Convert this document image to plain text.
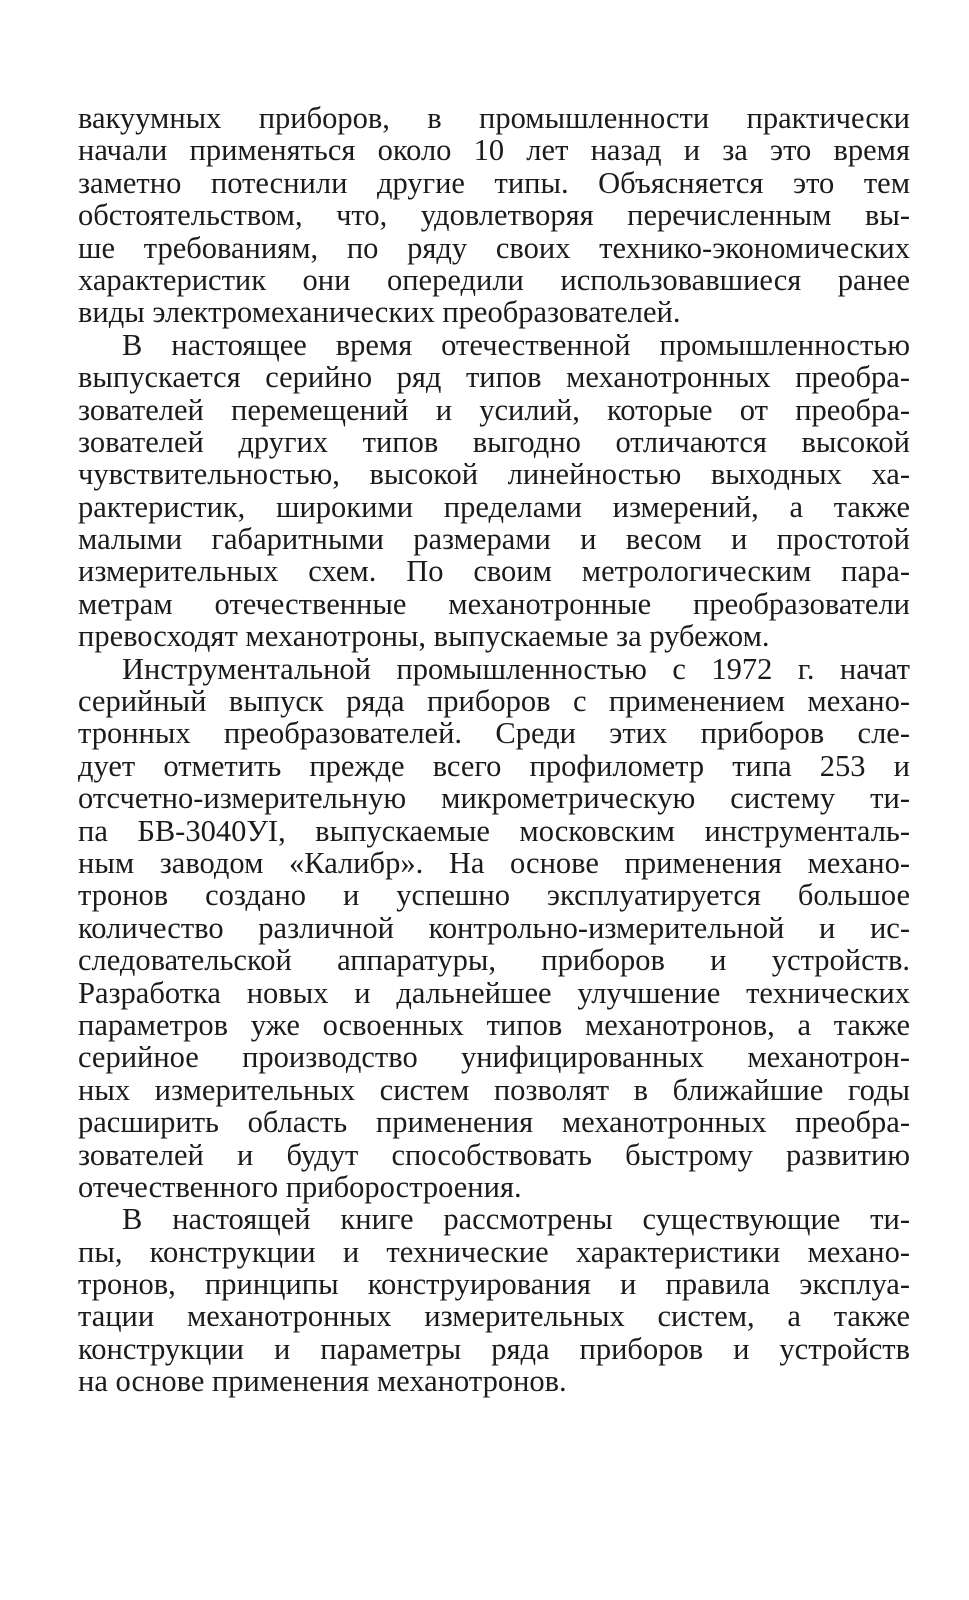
вакуумных приборов, в промышленности практически
начали применяться около 10 лет назад и за это время
заметно потеснили другие типы. Объясняется это тем
обстоятельством, что, удовлетворяя перечисленным вы-
ше требованиям, по ряду своих технико-экономических
характеристик они опередили использовавшиеся ранее
виды электромеханических преобразователей.
В настоящее время отечественной промышленностью
выпускается серийно ряд типов механотронных преобра-
зователей перемещений и усилий, которые от преобра-
зователей других типов выгодно отличаются высокой
чувствительностью, высокой линейностью выходных ха-
рактеристик, широкими пределами измерений, а также
малыми габаритными размерами и весом и простотой
измерительных схем. По своим метрологическим пара-
метрам отечественные механотронные преобразователи
превосходят механотроны, выпускаемые за рубежом.
Инструментальной промышленностью с 1972 г. начат
серийный выпуск ряда приборов с применением механо-
тронных преобразователей. Среди этих приборов сле-
дует отметить прежде всего профилометр типа 253 и
отсчетно-измерительную микрометрическую систему ти-
па БВ-3040УI, выпускаемые московским инструменталь-
ным заводом «Калибр». На основе применения механо-
тронов создано и успешно эксплуатируется большое
количество различной контрольно-измерительной и ис-
следовательской аппаратуры, приборов и устройств.
Разработка новых и дальнейшее улучшение технических
параметров уже освоенных типов механотронов, а также
серийное производство унифицированных механотрон-
ных измерительных систем позволят в ближайшие годы
расширить область применения механотронных преобра-
зователей и будут способствовать быстрому развитию
отечественного приборостроения.
В настоящей книге рассмотрены существующие ти-
пы, конструкции и технические характеристики механо-
тронов, принципы конструирования и правила эксплуа-
тации механотронных измерительных систем, а также
конструкции и параметры ряда приборов и устройств
на основе применения механотронов.
